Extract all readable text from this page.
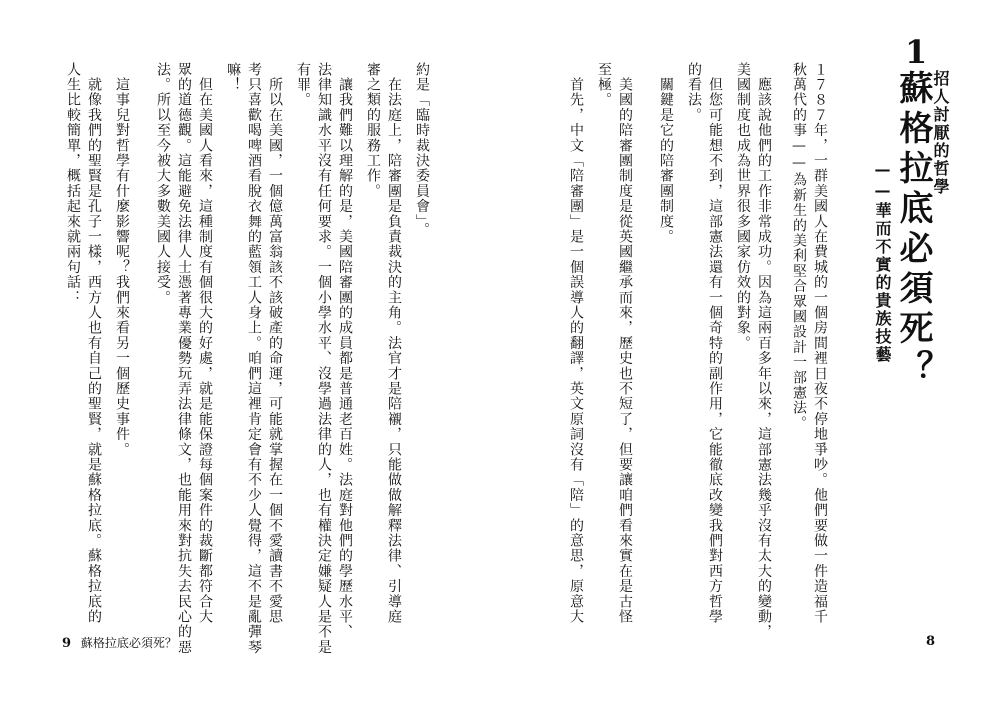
1
招人討厭的哲學
蘇格拉底必須死？
——華而不實的貴族技藝
１７８７年，一群美國人在費城的一個房間裡日夜不停地爭吵。他們要做一件造福千
秋萬代的事——為新生的美利堅合眾國設計一部憲法。
　應該說他們的工作非常成功。因為這兩百多年以來，這部憲法幾乎沒有太大的變動，
美國制度也成為世界很多國家仿效的對象。
　但您可能想不到，這部憲法還有一個奇特的副作用，它能徹底改變我們對西方哲學
的看法。
　關鍵是它的陪審團制度。
　美國的陪審團制度是從英國繼承而來，歷史也不短了，但要讓咱們看來實在是古怪
至極。
　首先，中文「陪審團」是一個誤導人的翻譯，英文原詞沒有「陪」的意思，原意大
8
約是「臨時裁決委員會」。
　在法庭上，陪審團是負責裁決的主角。法官才是陪襯，只能做做解釋法律、引導庭
審之類的服務工作。
　讓我們難以理解的是，美國陪審團的成員都是普通老百姓。法庭對他們的學歷水平、
法律知識水平沒有任何要求。一個小學水平、沒學過法律的人，也有權決定嫌疑人是不是
有罪。
　所以在美國，一個億萬富翁該不該破產的命運，可能就掌握在一個不愛讀書不愛思
考只喜歡喝啤酒看脫衣舞的藍領工人身上。咱們這裡肯定會有不少人覺得，這不是亂彈琴
嘛！
　但在美國人看來，這種制度有個很大的好處，就是能保證每個案件的裁斷都符合大
眾的道德觀。這能避免法律人士憑著專業優勢玩弄法律條文，也能用來對抗失去民心的惡
法。所以至今被大多數美國人接受。
　這事兒對哲學有什麼影響呢？我們來看另一個歷史事件。
　就像我們的聖賢是孔子一樣，西方人也有自己的聖賢，就是蘇格拉底。蘇格拉底的
人生比較簡單，概括起來就兩句話：
9 蘇格拉底必須死？
